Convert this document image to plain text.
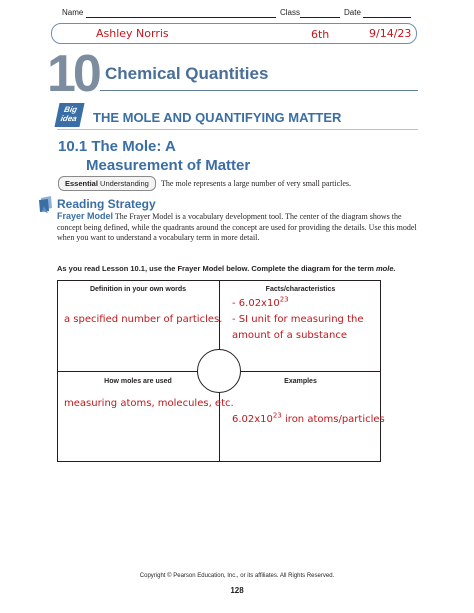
Name
Ashley Norris
Class
6th
Date
9/14/23
10 Chemical Quantities
Big
idea	THE MOLE AND QUANTIFYING MATTER
10.1 The Mole: A
Measurement of Matter
Essential Understanding	The mole represents a large number of very small particles.
Reading Strategy
Frayer Model The Frayer Model is a vocabulary development tool. The center of the diagram shows the concept being defined, while the quadrants around the concept are used for providing the details. Use this model when you want to understand a vocabulary term in more detail.
As you read Lesson 10.1, use the Frayer Model below. Complete the diagram for the term mole.
Definition in your own words
a specified number of particles.
Facts/characteristics
- $6.02x10^{23}$
- SI unit for measuring the
amount of a substance
How moles are used
measuring atoms, molecules, etc.
Examples
$6.02x10^{23}$ iron atoms/particles
Copyright © Pearson Education, Inc., or its affiliates. All Rights Reserved.
128
